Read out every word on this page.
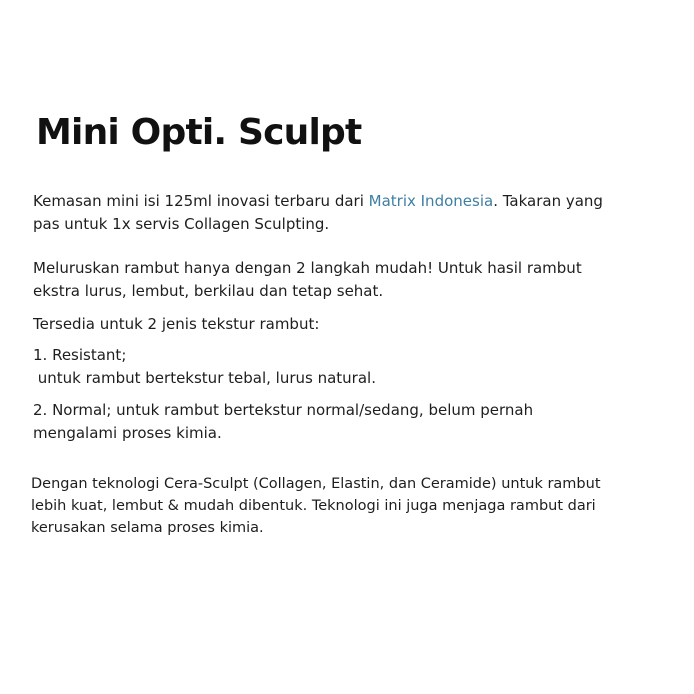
Mini Opti. Sculpt

Kemasan mini isi 125ml inovasi terbaru dari Matrix Indonesia. Takaran yang
pas untuk 1x servis Collagen Sculpting.

Meluruskan rambut hanya dengan 2 langkah mudah! Untuk hasil rambut
ekstra lurus, lembut, berkilau dan tetap sehat.

Tersedia untuk 2 jenis tekstur rambut:

1. Resistant;
untuk rambut bertekstur tebal, lurus natural.

2. Normal; untuk rambut bertekstur normal/sedang, belum pernah
mengalami proses kimia.

Dengan teknologi Cera-Sculpt (Collagen, Elastin, dan Ceramide) untuk rambut
lebih kuat, lembut & mudah dibentuk. Teknologi ini juga menjaga rambut dari
kerusakan selama proses kimia.
